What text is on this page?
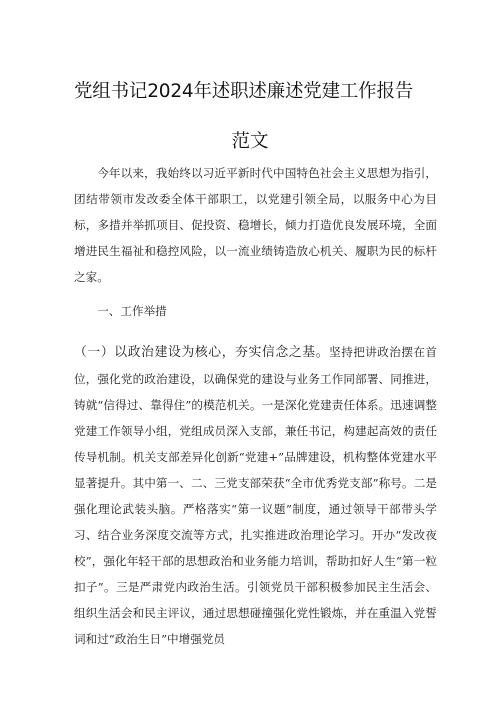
党组书记2024年述职述廉述党建工作报告
范文
今年以来，我始终以习近平新时代中国特色社会主义思想为指引，团结带领市发改委全体干部职工，以党建引领全局，以服务中心为目标，多措并举抓项目、促投资、稳增长，倾力打造优良发展环境，全面增进民生福祉和稳控风险，以一流业绩铸造放心机关、履职为民的标杆之家。
一、工作举措
（一）以政治建设为核心，夯实信念之基。坚持把讲政治摆在首位，强化党的政治建设，以确保党的建设与业务工作同部署、同推进，铸就“信得过、靠得住”的模范机关。一是深化党建责任体系。迅速调整党建工作领导小组，党组成员深入支部，兼任书记，构建起高效的责任传导机制。机关支部差异化创新“党建+”品牌建设，机构整体党建水平显著提升。其中第一、二、三党支部荣获“全市优秀党支部”称号。二是强化理论武装头脑。严格落实“第一议题”制度，通过领导干部带头学习、结合业务深度交流等方式，扎实推进政治理论学习。开办“发改夜校”，强化年轻干部的思想政治和业务能力培训，帮助扣好人生“第一粒扣子”。三是严肃党内政治生活。引领党员干部积极参加民主生活会、组织生活会和民主评议，通过思想碰撞强化党性锻炼，并在重温入党誓词和过“政治生日”中增强党员
